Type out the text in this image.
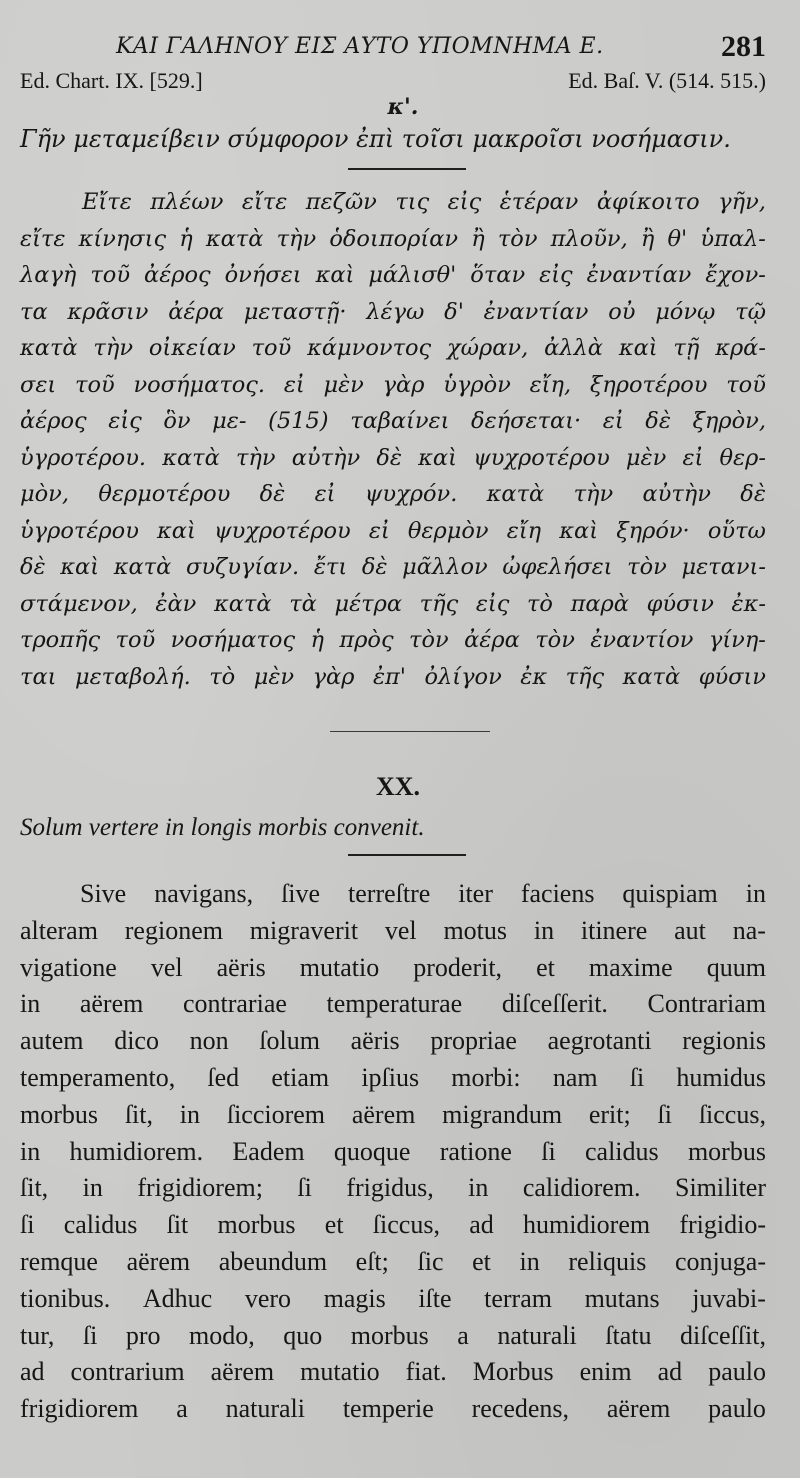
ΚΑΙ ΓΑΛΗΝΟΥ ΕΙΣ ΑΥΤΟ ΥΠΟΜΝΗΜΑ Ε.	281
Ed. Chart. IX. [529.]	Ed. Baſ. V. (514. 515.)
κ'.
Γῆν μεταμείβειν σύμφορον ἐπὶ τοῖσι μακροῖσι νοσήμασιν.
Εἴτε πλέων εἴτε πεζῶν τις εἰς ἑτέραν ἀφίκοιτο γῆν,
εἴτε κίνησις ἡ κατὰ τὴν ὁδοιπορίαν ἢ τὸν πλοῦν, ἢ θ' ὑπαλ-
λαγὴ τοῦ ἀέρος ὀνήσει καὶ μάλισθ' ὅταν εἰς ἐναντίαν ἔχον-
τα κρᾶσιν ἀέρα μεταστῇ· λέγω δ' ἐναντίαν οὐ μόνῳ τῷ
κατὰ τὴν οἰκείαν τοῦ κάμνοντος χώραν, ἀλλὰ καὶ τῇ κρά-
σει τοῦ νοσήματος. εἰ μὲν γὰρ ὑγρὸν εἴη, ξηροτέρου τοῦ
ἀέρος εἰς ὃν με- (515) ταβαίνει δεήσεται· εἰ δὲ ξηρὸν,
ὑγροτέρου. κατὰ τὴν αὐτὴν δὲ καὶ ψυχροτέρου μὲν εἰ θερ-
μὸν, θερμοτέρου δὲ εἰ ψυχρόν. κατὰ τὴν αὐτὴν δὲ
ὑγροτέρου καὶ ψυχροτέρου εἰ θερμὸν εἴη καὶ ξηρόν· οὕτω
δὲ καὶ κατὰ συζυγίαν. ἔτι δὲ μᾶλλον ὠφελήσει τὸν μετανι-
στάμενον, ἐὰν κατὰ τὰ μέτρα τῆς εἰς τὸ παρὰ φύσιν ἐκ-
τροπῆς τοῦ νοσήματος ἡ πρὸς τὸν ἀέρα τὸν ἐναντίον γίνη-
ται μεταβολή. τὸ μὲν γὰρ ἐπ' ὀλίγον ἐκ τῆς κατὰ φύσιν
XX.
Solum vertere in longis morbis convenit.
Sive navigans, ſive terreſtre iter faciens quispiam in
alteram regionem migraverit vel motus in itinere aut na-
vigatione vel aëris mutatio proderit, et maxime quum
in aërem contrariae temperaturae diſceſſerit. Contrariam
autem dico non ſolum aëris propriae aegrotanti regionis
temperamento, ſed etiam ipſius morbi: nam ſi humidus
morbus ſit, in ſicciorem aërem migrandum erit; ſi ſiccus,
in humidiorem. Eadem quoque ratione ſi calidus morbus
ſit, in frigidiorem; ſi frigidus, in calidiorem. Similiter
ſi calidus ſit morbus et ſiccus, ad humidiorem frigidio-
remque aërem abeundum eſt; ſic et in reliquis conjuga-
tionibus. Adhuc vero magis iſte terram mutans juvabi-
tur, ſi pro modo, quo morbus a naturali ſtatu diſceſſit,
ad contrarium aërem mutatio fiat. Morbus enim ad paulo
frigidiorem a naturali temperie recedens, aërem paulo
